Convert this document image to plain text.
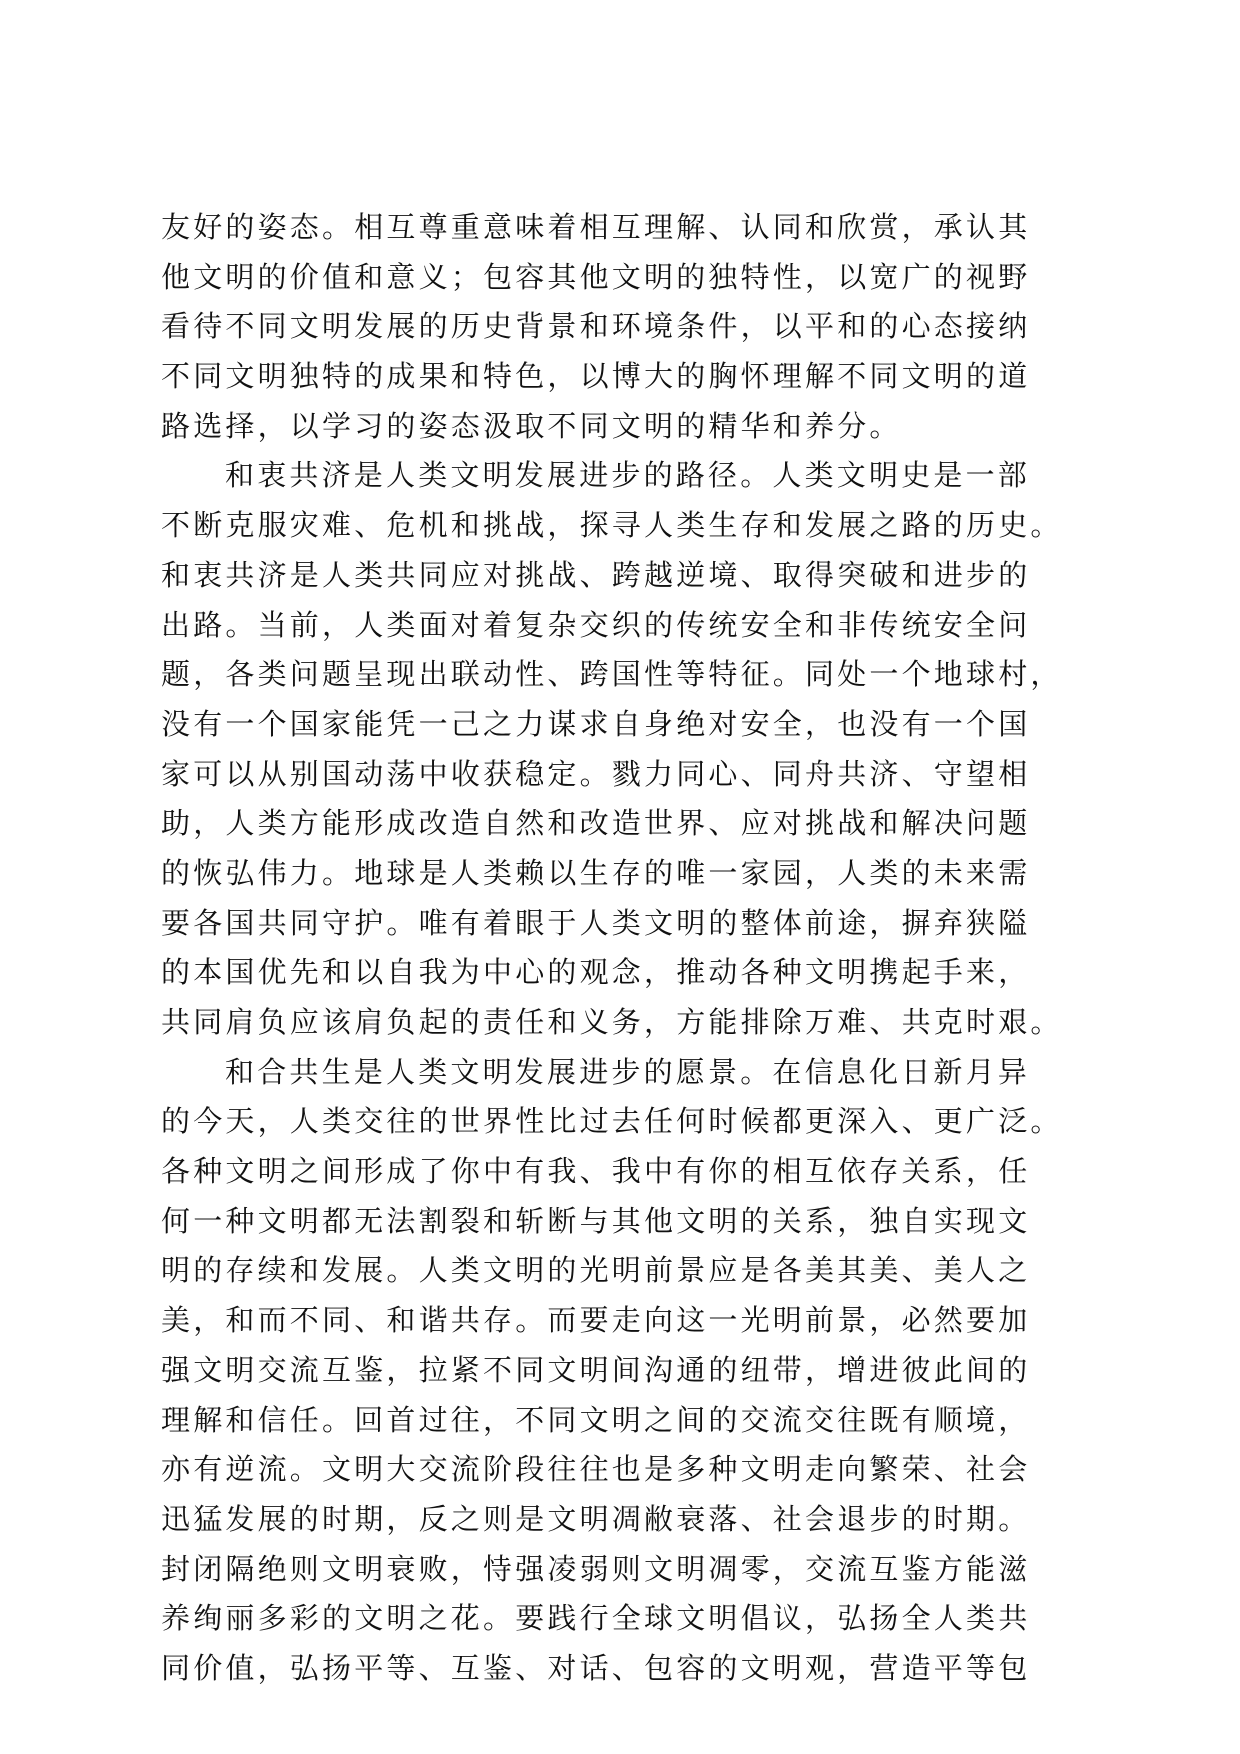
友好的姿态。相互尊重意味着相互理解、认同和欣赏，承认其
他文明的价值和意义；包容其他文明的独特性，以宽广的视野
看待不同文明发展的历史背景和环境条件，以平和的心态接纳
不同文明独特的成果和特色，以博大的胸怀理解不同文明的道
路选择，以学习的姿态汲取不同文明的精华和养分。
和衷共济是人类文明发展进步的路径。人类文明史是一部
不断克服灾难、危机和挑战，探寻人类生存和发展之路的历史。
和衷共济是人类共同应对挑战、跨越逆境、取得突破和进步的
出路。当前，人类面对着复杂交织的传统安全和非传统安全问
题，各类问题呈现出联动性、跨国性等特征。同处一个地球村，
没有一个国家能凭一己之力谋求自身绝对安全，也没有一个国
家可以从别国动荡中收获稳定。戮力同心、同舟共济、守望相
助，人类方能形成改造自然和改造世界、应对挑战和解决问题
的恢弘伟力。地球是人类赖以生存的唯一家园，人类的未来需
要各国共同守护。唯有着眼于人类文明的整体前途，摒弃狭隘
的本国优先和以自我为中心的观念，推动各种文明携起手来，
共同肩负应该肩负起的责任和义务，方能排除万难、共克时艰。
和合共生是人类文明发展进步的愿景。在信息化日新月异
的今天，人类交往的世界性比过去任何时候都更深入、更广泛。
各种文明之间形成了你中有我、我中有你的相互依存关系，任
何一种文明都无法割裂和斩断与其他文明的关系，独自实现文
明的存续和发展。人类文明的光明前景应是各美其美、美人之
美，和而不同、和谐共存。而要走向这一光明前景，必然要加
强文明交流互鉴，拉紧不同文明间沟通的纽带，增进彼此间的
理解和信任。回首过往，不同文明之间的交流交往既有顺境，
亦有逆流。文明大交流阶段往往也是多种文明走向繁荣、社会
迅猛发展的时期，反之则是文明凋敝衰落、社会退步的时期。
封闭隔绝则文明衰败，恃强凌弱则文明凋零，交流互鉴方能滋
养绚丽多彩的文明之花。要践行全球文明倡议，弘扬全人类共
同价值，弘扬平等、互鉴、对话、包容的文明观，营造平等包
